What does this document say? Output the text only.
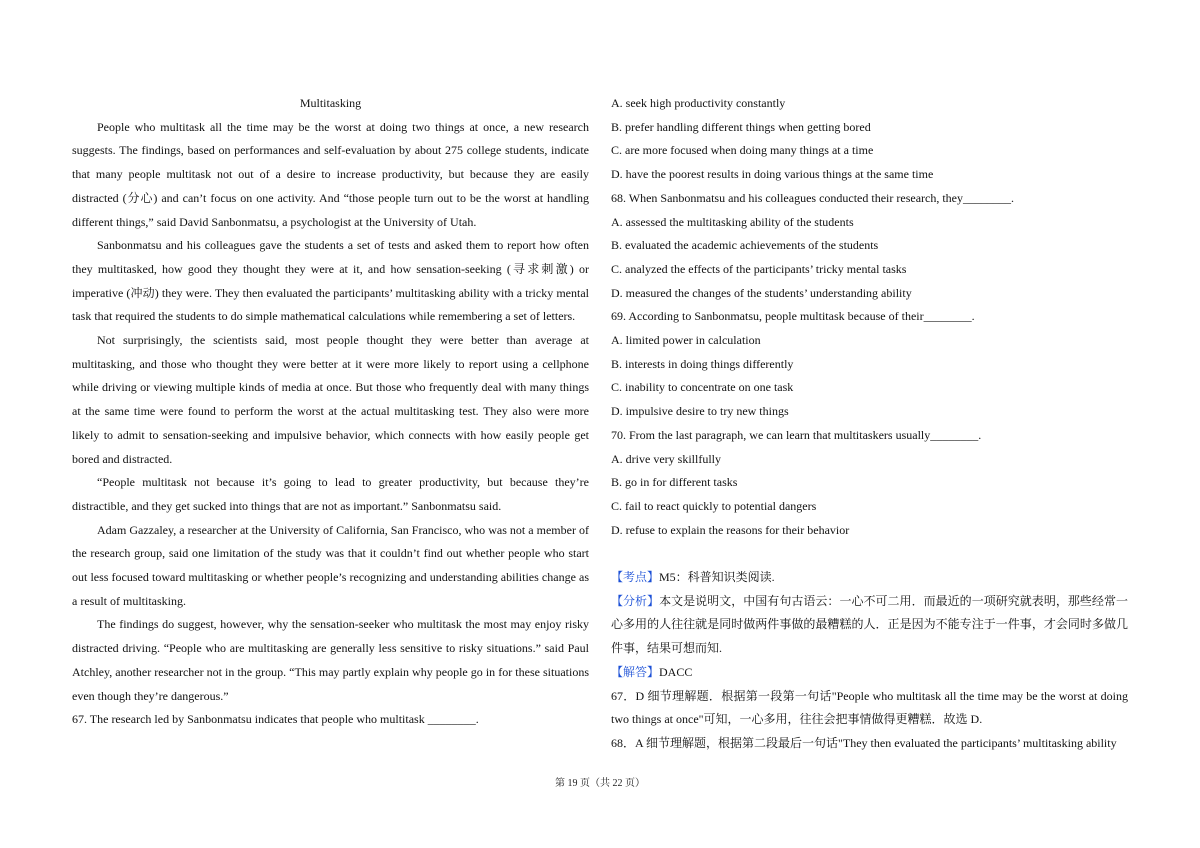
Multitasking

People who multitask all the time may be the worst at doing two things at once, a new research suggests. The findings, based on performances and self-evaluation by about 275 college students, indicate that many people multitask not out of a desire to increase productivity, but because they are easily distracted (分心) and can’t focus on one activity. And “those people turn out to be the worst at handling different things,” said David Sanbonmatsu, a psychologist at the University of Utah.

Sanbonmatsu and his colleagues gave the students a set of tests and asked them to report how often they multitasked, how good they thought they were at it, and how sensation-seeking (寻求刺激) or imperative (冲动) they were. They then evaluated the participants’ multitasking ability with a tricky mental task that required the students to do simple mathematical calculations while remembering a set of letters.

Not surprisingly, the scientists said, most people thought they were better than average at multitasking, and those who thought they were better at it were more likely to report using a cellphone while driving or viewing multiple kinds of media at once. But those who frequently deal with many things at the same time were found to perform the worst at the actual multitasking test. They also were more likely to admit to sensation-seeking and impulsive behavior, which connects with how easily people get bored and distracted.

“People multitask not because it’s going to lead to greater productivity, but because they’re distractible, and they get sucked into things that are not as important.” Sanbonmatsu said.

Adam Gazzaley, a researcher at the University of California, San Francisco, who was not a member of the research group, said one limitation of the study was that it couldn’t find out whether people who start out less focused toward multitasking or whether people’s recognizing and understanding abilities change as a result of multitasking.

The findings do suggest, however, why the sensation-seeker who multitask the most may enjoy risky distracted driving. “People who are multitasking are generally less sensitive to risky situations.” said Paul Atchley, another researcher not in the group. “This may partly explain why people go in for these situations even though they’re dangerous.”

67. The research led by Sanbonmatsu indicates that people who multitask ________.

A. seek high productivity constantly

B. prefer handling different things when getting bored

C. are more focused when doing many things at a time

D. have the poorest results in doing various things at the same time

68. When Sanbonmatsu and his colleagues conducted their research, they________.

A. assessed the multitasking ability of the students

B. evaluated the academic achievements of the students

C. analyzed the effects of the participants’ tricky mental tasks

D. measured the changes of the students’ understanding ability

69. According to Sanbonmatsu, people multitask because of their________.

A. limited power in calculation

B. interests in doing things differently

C. inability to concentrate on one task

D. impulsive desire to try new things

70. From the last paragraph, we can learn that multitaskers usually________.

A. drive very skillfully

B. go in for different tasks

C. fail to react quickly to potential dangers

D. refuse to explain the reasons for their behavior

【考点】M5：科普知识类阅读.

【分析】本文是说明文，中国有句古语云：一心不可二用．而最近的一项研究就表明，那些经常一心多用的人往往就是同时做两件事做的最糟糕的人．正是因为不能专注于一件事，才会同时多做几件事，结果可想而知.

【解答】DACC

67．D 细节理解题．根据第一段第一句话"People who multitask all the time may be the worst at doing two things at once"可知，一心多用，往往会把事情做得更糟糕．故选 D.

68．A 细节理解题，根据第二段最后一句话"They then evaluated the participants’ multitasking ability

第 19 页（共 22 页）
